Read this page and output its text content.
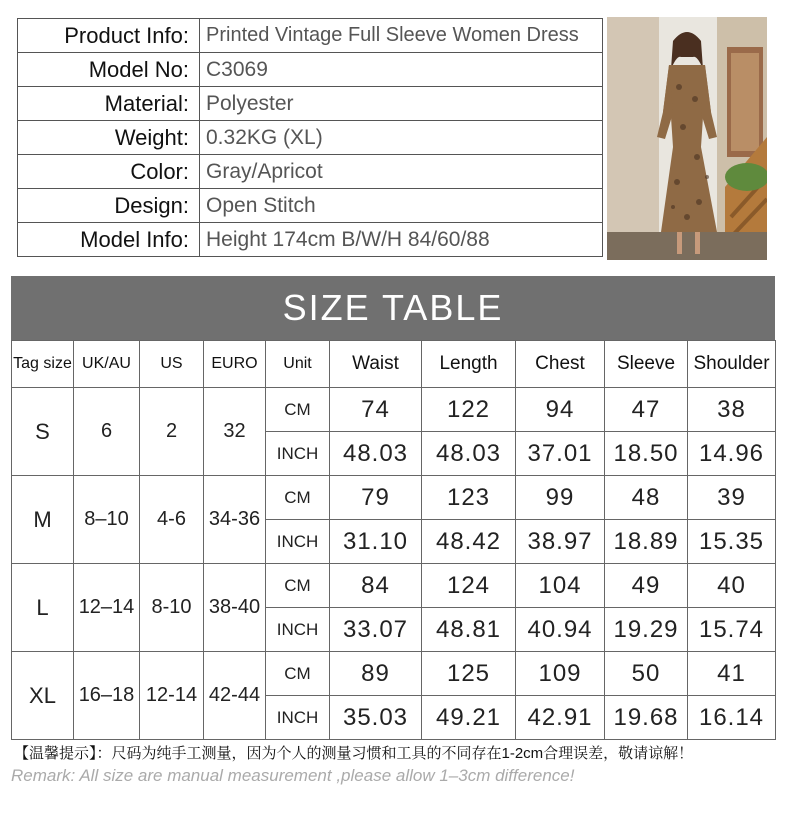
Product Info:	Printed Vintage Full Sleeve Women Dress
Model No:	C3069
Material:	Polyester
Weight:	0.32KG (XL)
Color:	Gray/Apricot
Design:	Open Stitch
Model Info:	Height 174cm B/W/H 84/60/88
SIZE TABLE
Tag size	UK/AU	US	EURO	Unit	Waist	Length	Chest	Sleeve	Shoulder
S	6	2	32	CM	74	122	94	47	38
				INCH	48.03	48.03	37.01	18.50	14.96
M	8–10	4-6	34-36	CM	79	123	99	48	39
				INCH	31.10	48.42	38.97	18.89	15.35
L	12–14	8-10	38-40	CM	84	124	104	49	40
				INCH	33.07	48.81	40.94	19.29	15.74
XL	16–18	12-14	42-44	CM	89	125	109	50	41
				INCH	35.03	49.21	42.91	19.68	16.14
【温馨提示】：尺码为纯手工测量，因为个人的测量习惯和工具的不同存在1-2cm合理误差，敬请谅解！
Remark: All size are manual measurement ,please allow 1–3cm difference!
